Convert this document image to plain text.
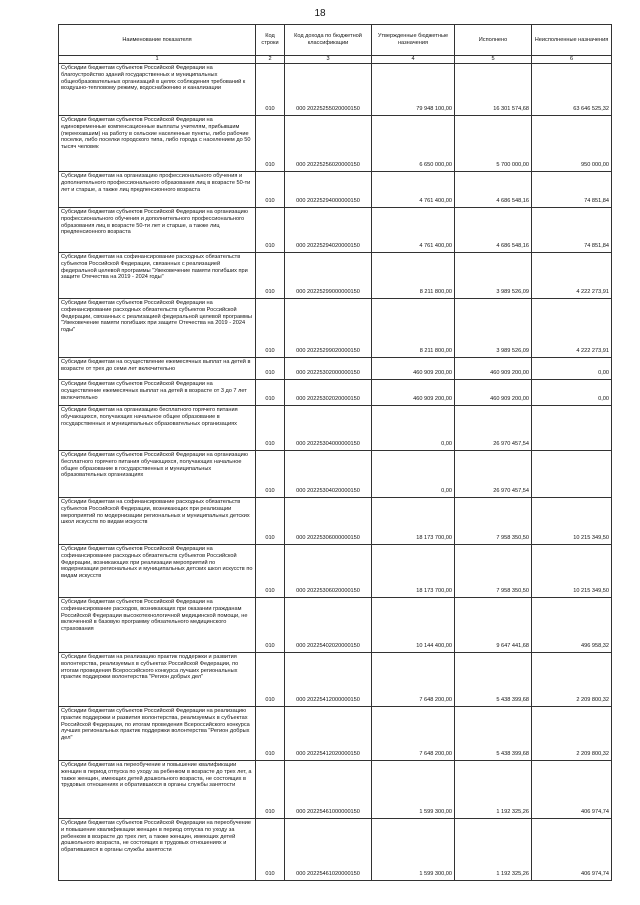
18
Наименование показателя	Код строки	Код дохода по бюджетной классификации	Утвержденные бюджетные назначения	Исполнено	Неисполненные назначения
1	2	3	4	5	6
Субсидии бюджетам субъектов Российской Федерации на благоустройство зданий государственных и муниципальных общеобразовательных организаций в целях соблюдения требований к воздушно-тепловому режиму, водоснабжению и канализации	010	000 20225255020000150	79 948 100,00	16 301 574,68	63 646 525,32
Субсидии бюджетам субъектов Российской Федерации на единовременные компенсационные выплаты учителям, прибывшим (переехавшим) на работу в сельские населенные пункты, либо рабочие поселки, либо поселки городского типа, либо города с населением до 50 тысяч человек	010	000 20225256020000150	6 650 000,00	5 700 000,00	950 000,00
Субсидии бюджетам на организацию профессионального обучения и дополнительного профессионального образования лиц в возрасте 50-ти лет и старше, а также лиц предпенсионного возраста	010	000 20225294000000150	4 761 400,00	4 686 548,16	74 851,84
Субсидии бюджетам субъектов Российской Федерации на организацию профессионального обучения и дополнительного профессионального образования лиц в возрасте 50-ти лет и старше, а также лиц предпенсионного возраста	010	000 20225294020000150	4 761 400,00	4 686 548,16	74 851,84
Субсидии бюджетам на софинансирование расходных обязательств субъектов Российской Федерации, связанных с реализацией федеральной целевой программы "Увековечение памяти погибших при защите Отечества на 2019 - 2024 годы"	010	000 20225299000000150	8 211 800,00	3 989 526,09	4 222 273,91
Субсидии бюджетам субъектов Российской Федерации на софинансирование расходных обязательств субъектов Российской Федерации, связанных с реализацией федеральной целевой программы "Увековечение памяти погибших при защите Отечества на 2019 - 2024 годы"	010	000 20225299020000150	8 211 800,00	3 989 526,09	4 222 273,91
Субсидии бюджетам на осуществление ежемесячных выплат на детей в возрасте от трех до семи лет включительно	010	000 20225302000000150	460 909 200,00	460 909 200,00	0,00
Субсидии бюджетам субъектов Российской Федерации на осуществление ежемесячных выплат на детей в возрасте от 3 до 7 лет включительно	010	000 20225302020000150	460 909 200,00	460 909 200,00	0,00
Субсидии бюджетам на организацию бесплатного горячего питания обучающихся, получающих начальное общее образование в государственных и муниципальных образовательных организациях	010	000 20225304000000150	0,00	26 970 457,54	
Субсидии бюджетам субъектов Российской Федерации на организацию бесплатного горячего питания обучающихся, получающих начальное общее образование в государственных и муниципальных образовательных организациях	010	000 20225304020000150	0,00	26 970 457,54	
Субсидии бюджетам на софинансирование расходных обязательств субъектов Российской Федерации, возникающих при реализации мероприятий по модернизации региональных и муниципальных детских школ искусств по видам искусств	010	000 20225306000000150	18 173 700,00	7 958 350,50	10 215 349,50
Субсидии бюджетам субъектов Российской Федерации на софинансирование расходных обязательств субъектов Российской Федерации, возникающих при реализации мероприятий по модернизации региональных и муниципальных детских школ искусств по видам искусств	010	000 20225306020000150	18 173 700,00	7 958 350,50	10 215 349,50
Субсидии бюджетам субъектов Российской Федерации на софинансирование расходов, возникающих при оказании гражданам Российской Федерации высокотехнологичной медицинской помощи, не включенной в базовую программу обязательного медицинского страхования	010	000 20225402020000150	10 144 400,00	9 647 441,68	496 958,32
Субсидии бюджетам на реализацию практик поддержки и развития волонтерства, реализуемых в субъектах Российской Федерации, по итогам проведения Всероссийского конкурса лучших региональных практик поддержки волонтерства "Регион добрых дел"	010	000 20225412000000150	7 648 200,00	5 438 399,68	2 209 800,32
Субсидии бюджетам субъектов Российской Федерации на реализацию практик поддержки и развития волонтерства, реализуемых в субъектах Российской Федерации, по итогам проведения Всероссийского конкурса лучших региональных практик поддержки волонтерства "Регион добрых дел"	010	000 20225412020000150	7 648 200,00	5 438 399,68	2 209 800,32
Субсидии бюджетам на переобучение и повышение квалификации женщин в период отпуска по уходу за ребенком в возрасте до трех лет, а также женщин, имеющих детей дошкольного возраста, не состоящих в трудовых отношениях и обратившихся в органы службы занятости	010	000 20225461000000150	1 599 300,00	1 192 325,26	406 974,74
Субсидии бюджетам субъектов Российской Федерации на переобучение и повышение квалификации женщин в период отпуска по уходу за ребенком в возрасте до трех лет, а также женщин, имеющих детей дошкольного возраста, не состоящих в трудовых отношениях и обратившихся в органы службы занятости	010	000 20225461020000150	1 599 300,00	1 192 325,26	406 974,74
